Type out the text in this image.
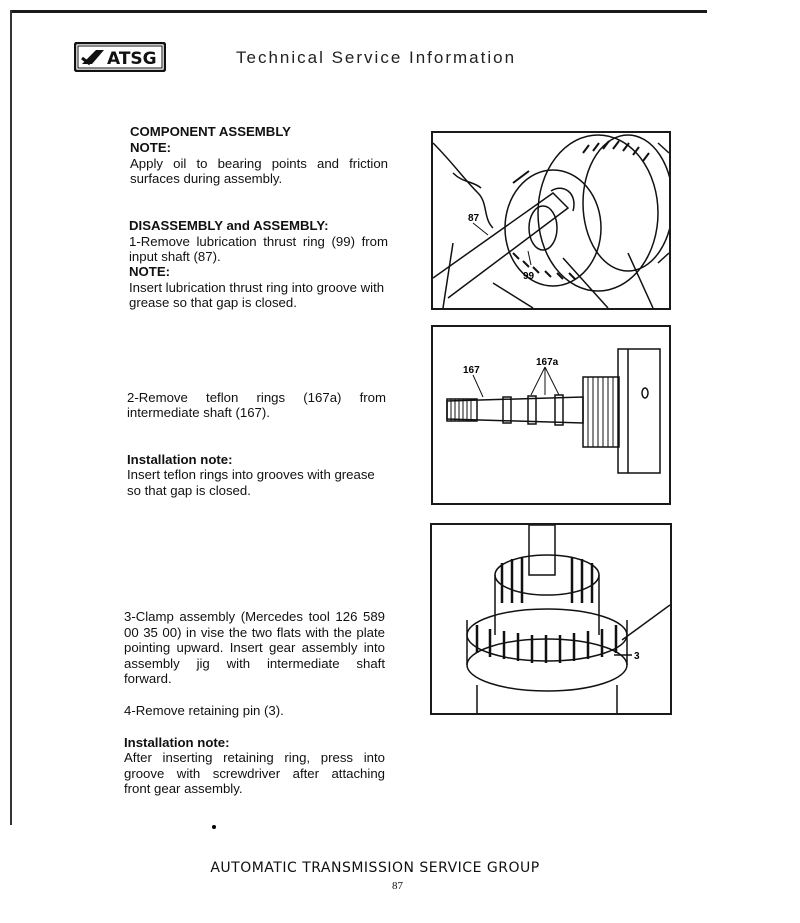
ATSG	Technical Service Information
COMPONENT ASSEMBLY
NOTE:
Apply oil to bearing points and friction
surfaces during assembly.
DISASSEMBLY and ASSEMBLY:
1-Remove lubrication thrust ring (99) from
input shaft (87).
NOTE:
Insert lubrication thrust ring into groove with
grease so that gap is closed.
2-Remove teflon rings (167a) from
intermediate shaft (167).
Installation note:
Insert teflon rings into grooves with grease
so that gap is closed.
3-Clamp assembly (Mercedes tool 126 589
00 35 00) in vise the two flats with the plate
pointing upward. Insert gear assembly into
assembly jig with intermediate shaft
forward.
4-Remove retaining pin (3).
Installation note:
After inserting retaining ring, press into
groove with screwdriver after attaching
front gear assembly.
87
99
167
167a
3
AUTOMATIC TRANSMISSION SERVICE GROUP
87
